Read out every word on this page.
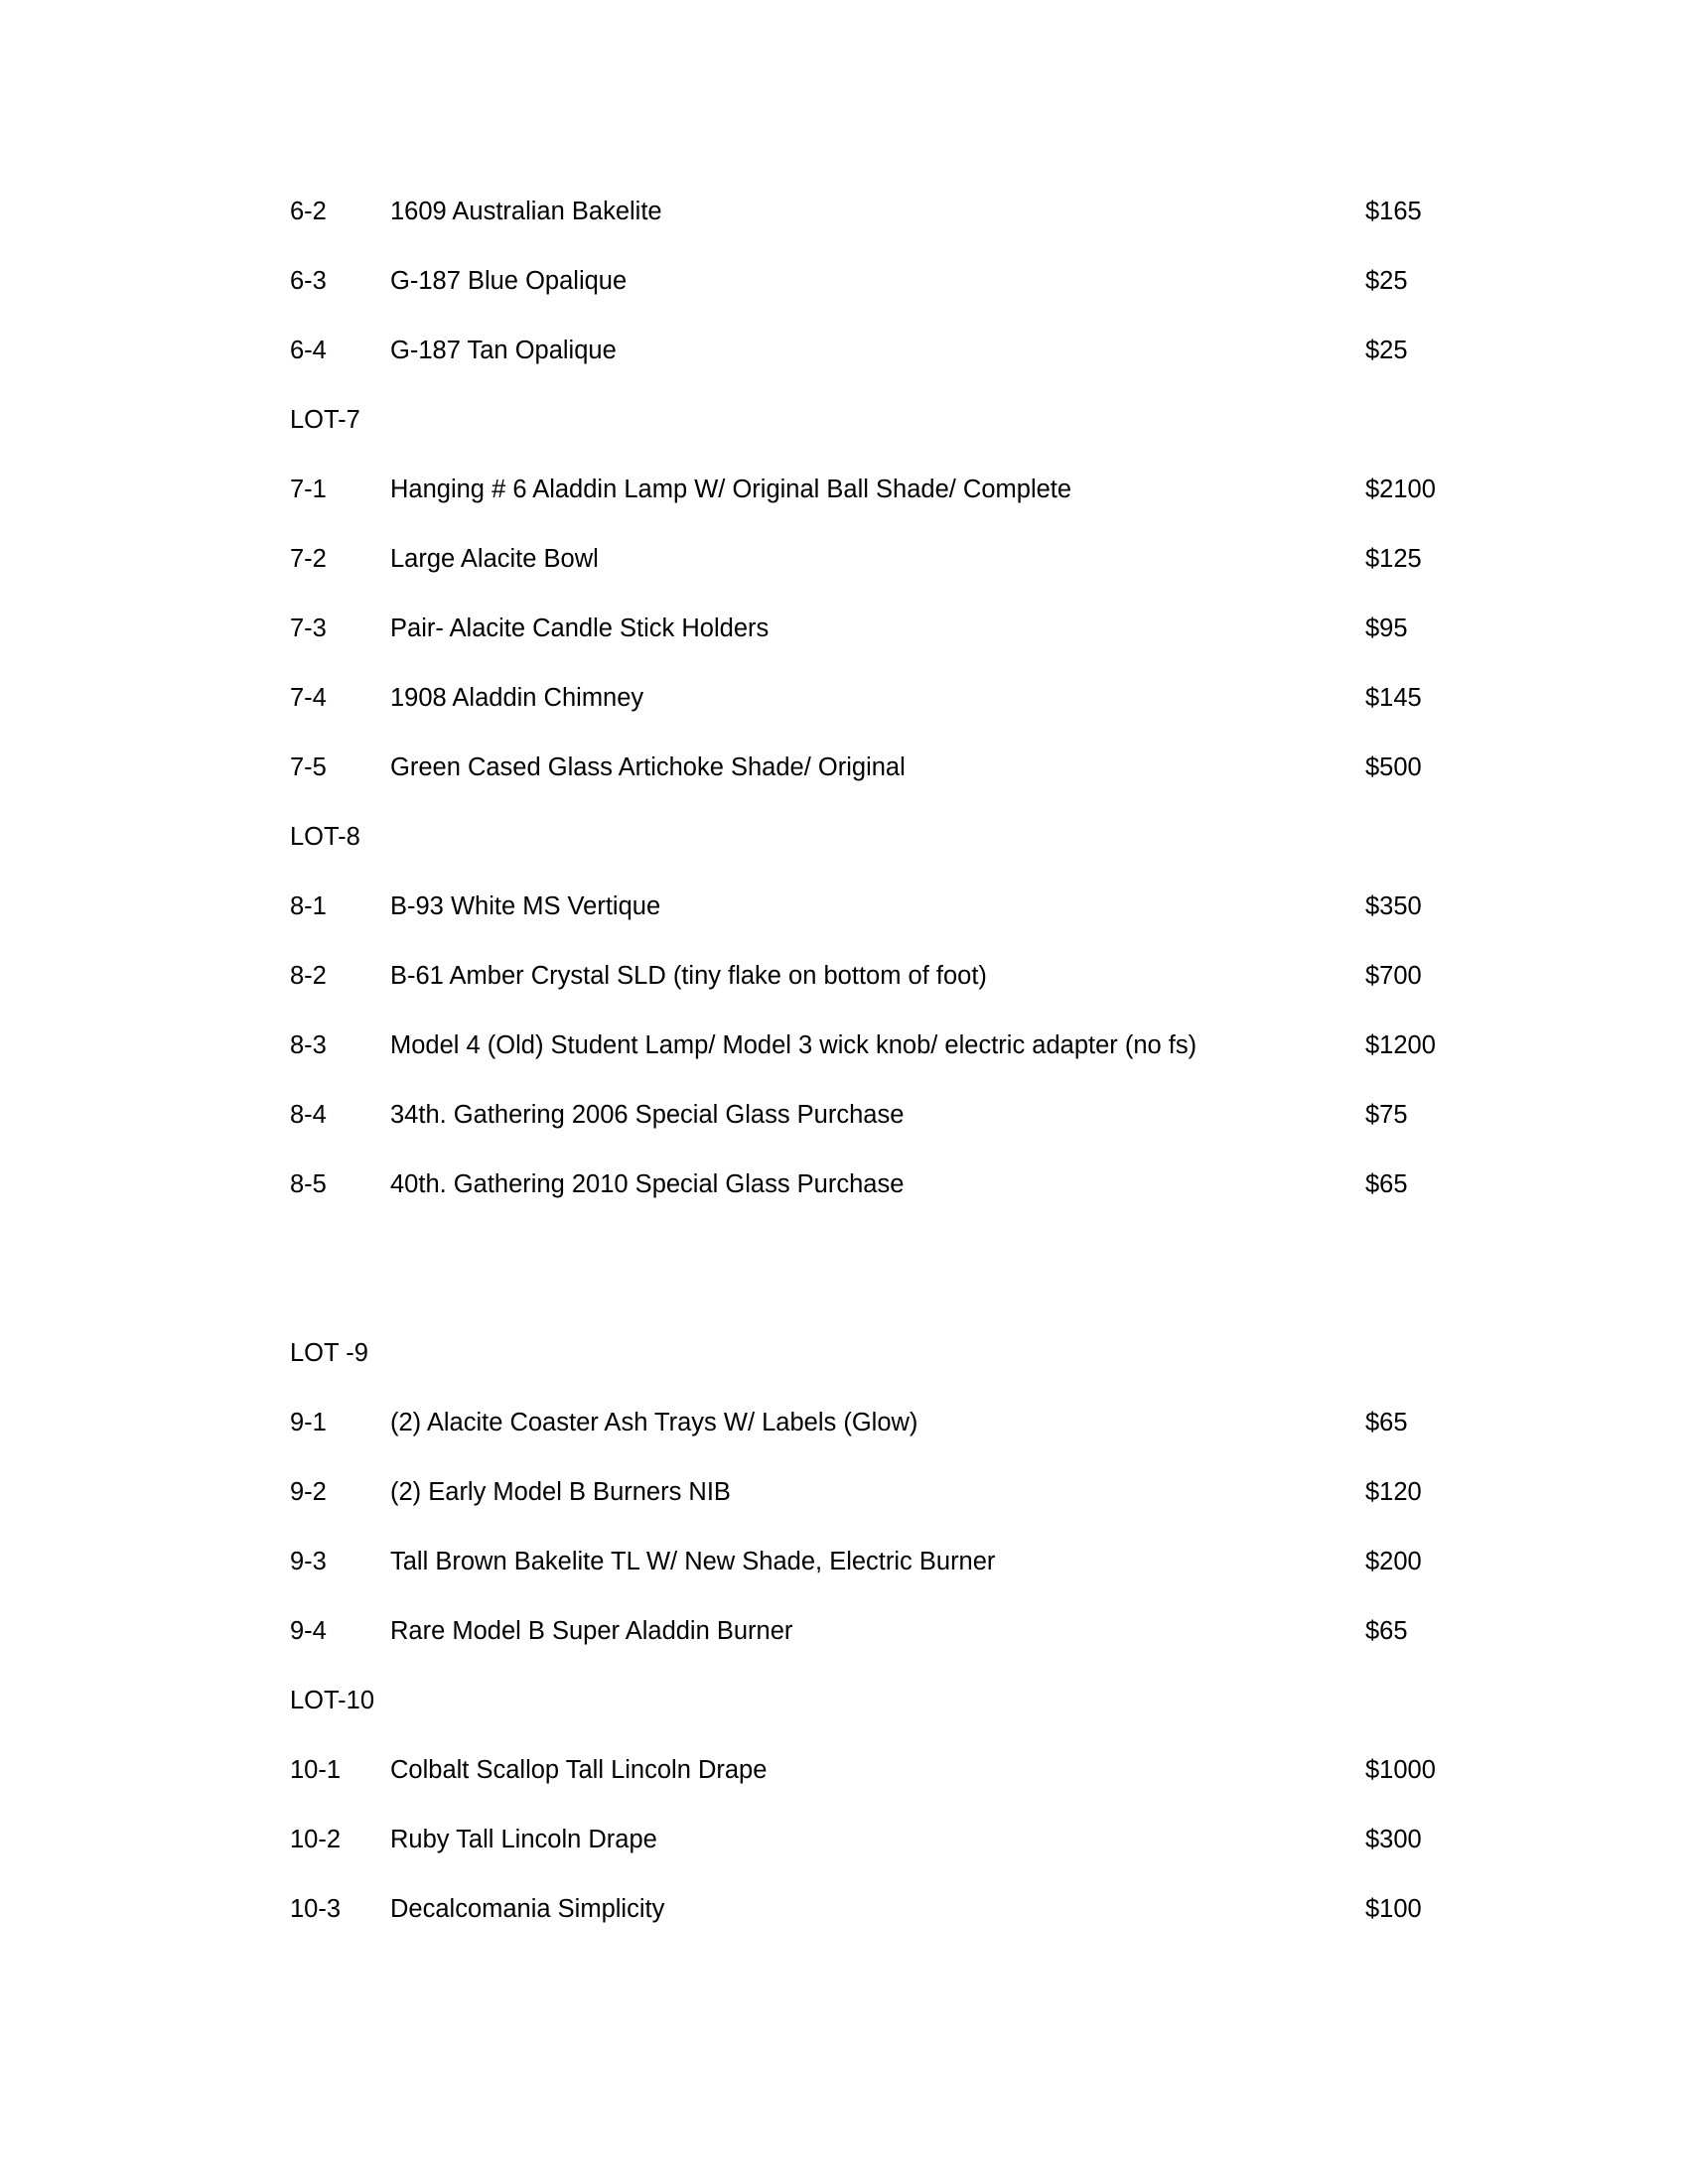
6-2	1609 Australian Bakelite	$165
6-3	G-187 Blue Opalique	$25
6-4	G-187 Tan Opalique	$25
LOT-7
7-1	Hanging # 6 Aladdin Lamp W/ Original Ball Shade/ Complete	$2100
7-2	Large Alacite Bowl	$125
7-3	Pair- Alacite Candle Stick Holders	$95
7-4	1908 Aladdin Chimney	$145
7-5	Green Cased Glass Artichoke Shade/ Original	$500
LOT-8
8-1	B-93 White MS Vertique	$350
8-2	B-61 Amber Crystal SLD (tiny flake on bottom of foot)	$700
8-3	Model 4 (Old) Student Lamp/ Model 3 wick knob/ electric adapter (no fs)	$1200
8-4	34th. Gathering 2006 Special Glass Purchase	$75
8-5	40th. Gathering 2010 Special Glass Purchase	$65
LOT -9
9-1	(2) Alacite Coaster Ash Trays W/ Labels (Glow)	$65
9-2	(2) Early Model B Burners NIB	$120
9-3	Tall Brown Bakelite TL W/ New Shade, Electric Burner	$200
9-4	Rare Model B Super Aladdin Burner	$65
LOT-10
10-1	Colbalt Scallop Tall Lincoln Drape	$1000
10-2	Ruby Tall Lincoln Drape	$300
10-3	Decalcomania Simplicity	$100
